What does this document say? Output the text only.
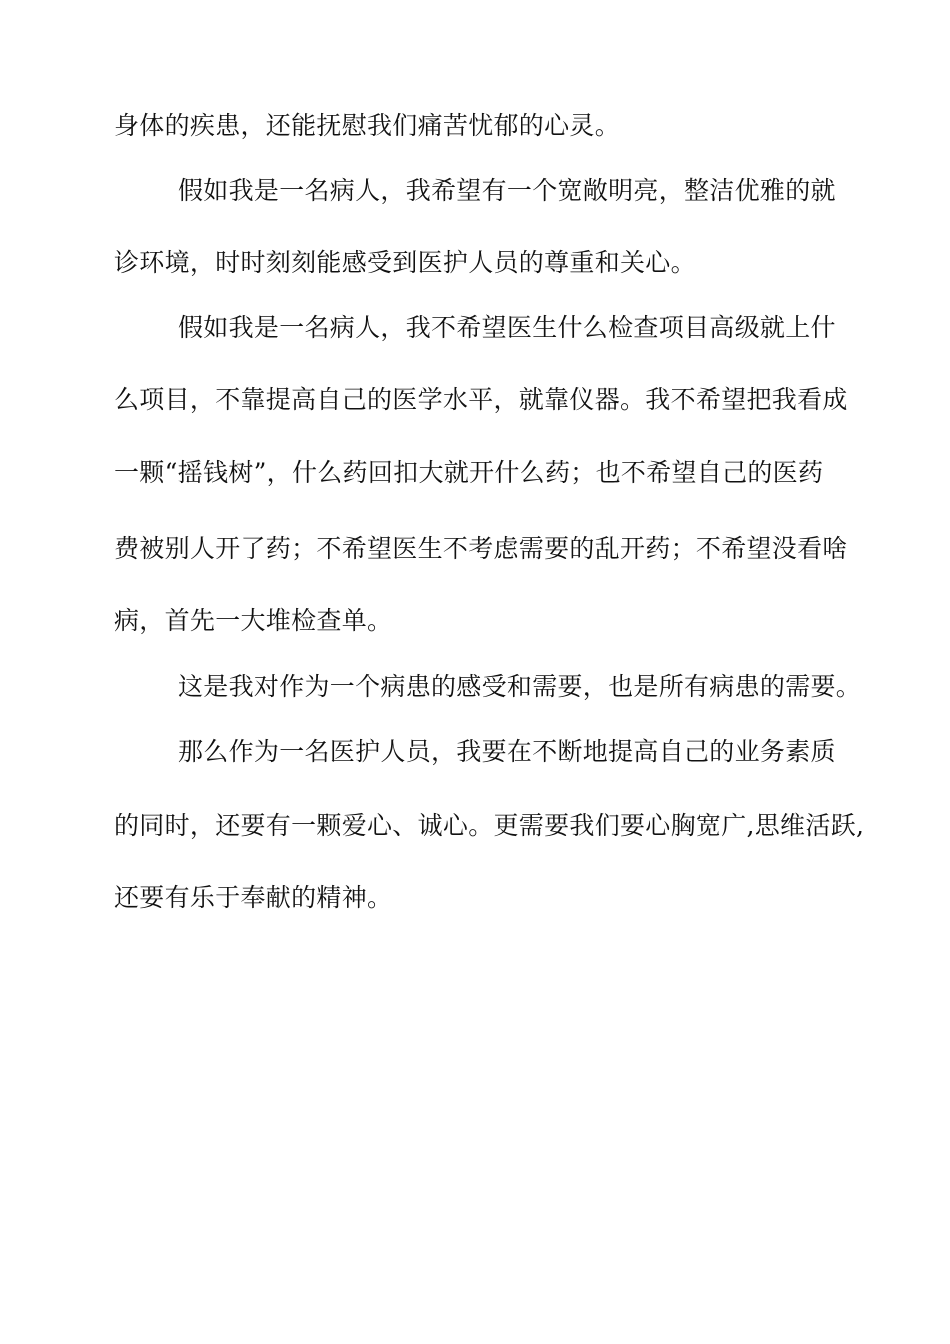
身体的疾患，还能抚慰我们痛苦忧郁的心灵。
假如我是一名病人，我希望有一个宽敞明亮，整洁优雅的就
诊环境，时时刻刻能感受到医护人员的尊重和关心。
假如我是一名病人，我不希望医生什么检查项目高级就上什
么项目，不靠提高自己的医学水平，就靠仪器。我不希望把我看成
一颗“摇钱树”，什么药回扣大就开什么药；也不希望自己的医药
费被别人开了药；不希望医生不考虑需要的乱开药；不希望没看啥
病，首先一大堆检查单。
这是我对作为一个病患的感受和需要，也是所有病患的需要。
那么作为一名医护人员，我要在不断地提高自己的业务素质
的同时，还要有一颗爱心、诚心。更需要我们要心胸宽广,思维活跃,
还要有乐于奉献的精神。
